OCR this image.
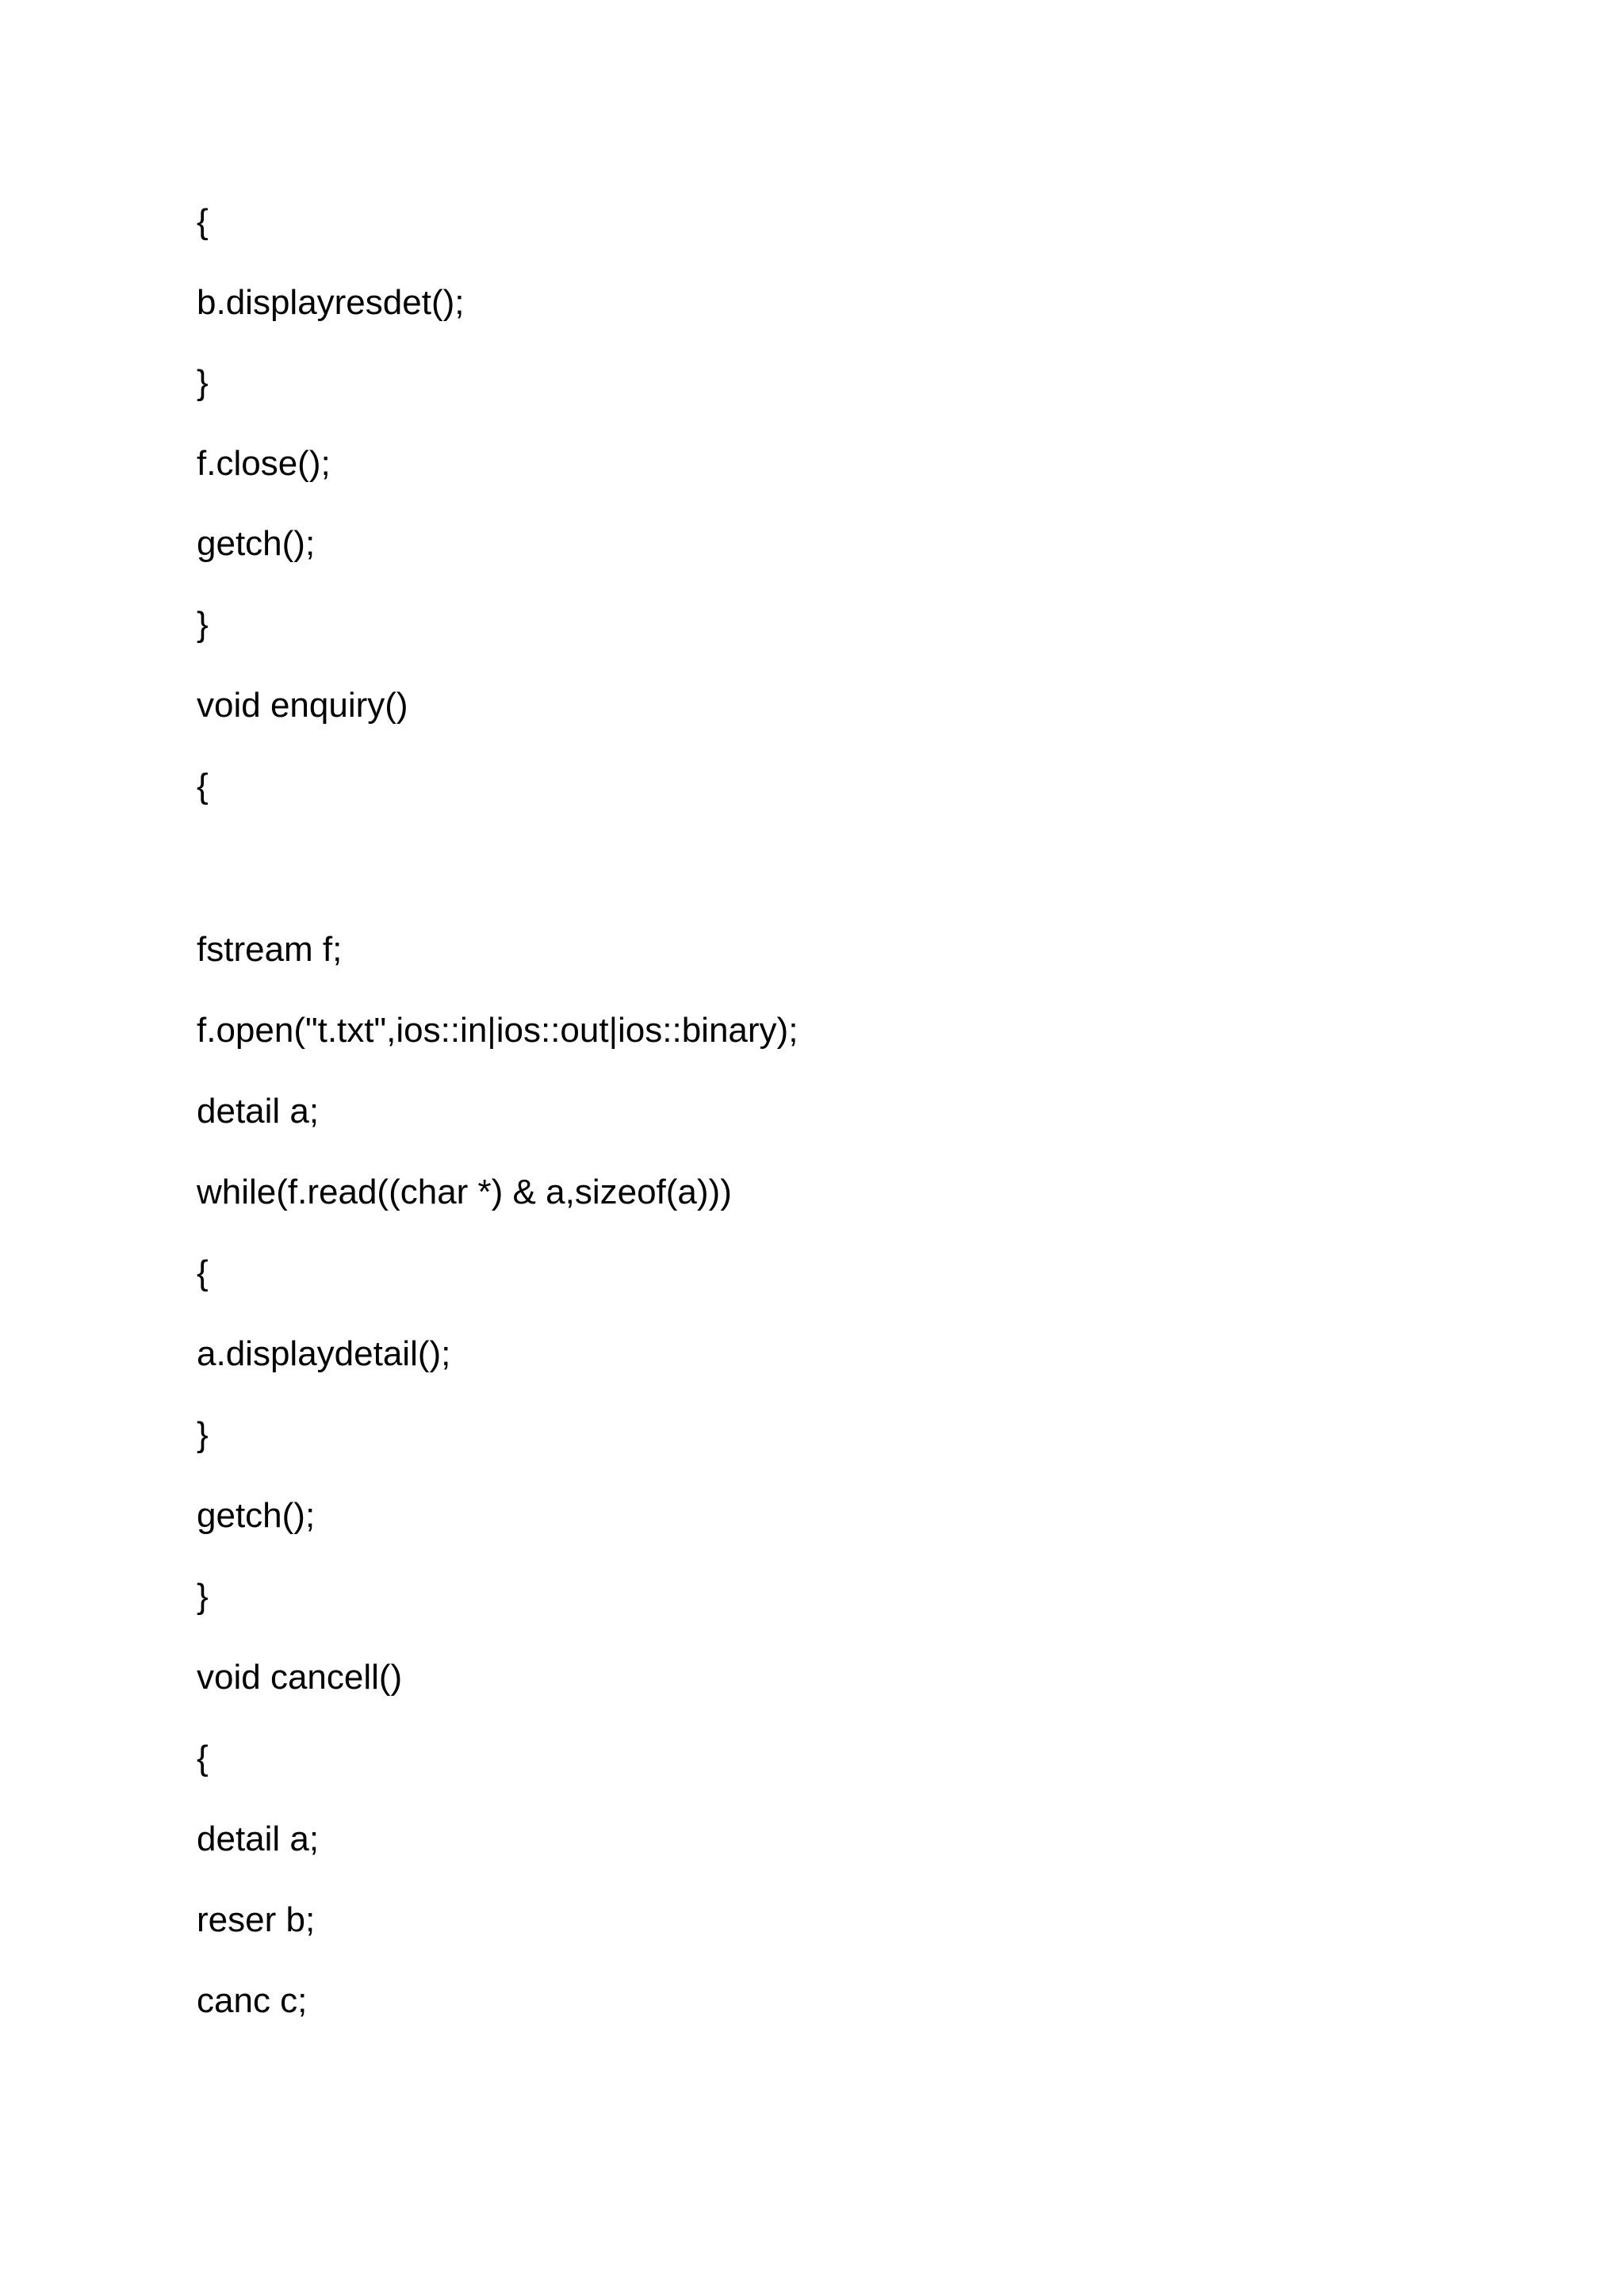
{

b.displayresdet();

}

f.close();

getch();

}

void enquiry()

{

fstream f;

f.open("t.txt",ios::in|ios::out|ios::binary);

detail a;

while(f.read((char *) & a,sizeof(a)))

{

a.displaydetail();

}

getch();

}

void cancell()

{

detail a;

reser b;

canc c;
